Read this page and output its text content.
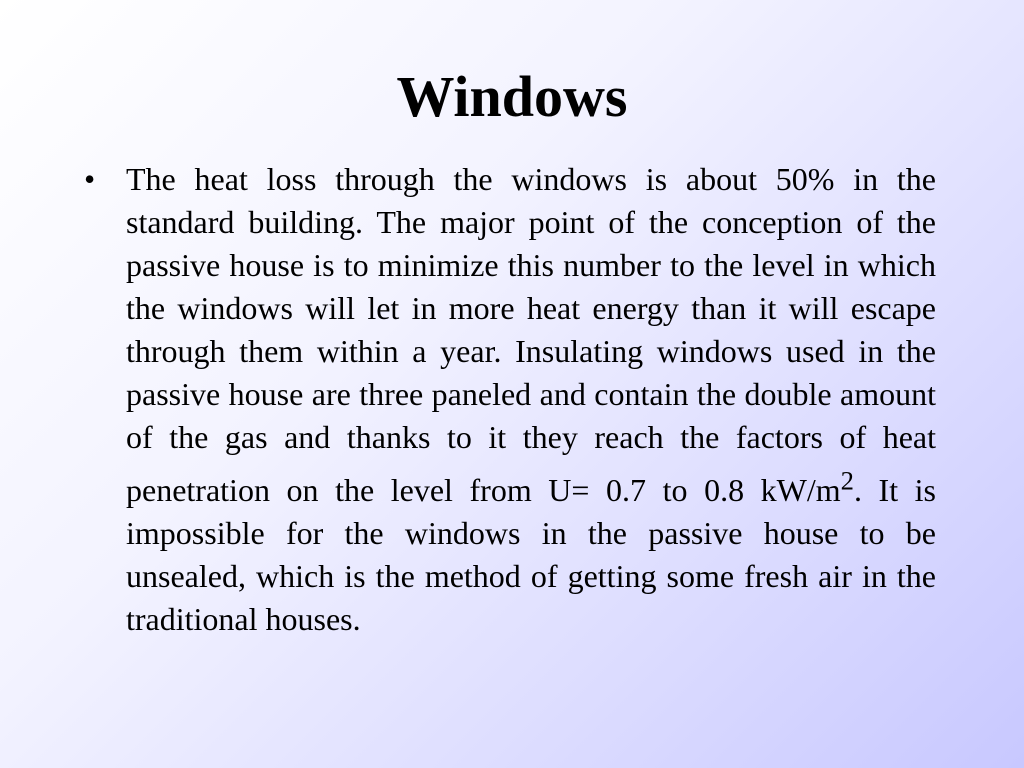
Windows
• The heat loss through the windows is about 50% in the standard building. The major point of the conception of the passive house is to minimize this number to the level in which the windows will let in more heat energy than it will escape through them within a year. Insulating windows used in the passive house are three paneled and contain the double amount of the gas and thanks to it they reach the factors of heat penetration on the level from U= 0.7 to 0.8 $kW/m^2$. It is impossible for the windows in the passive house to be unsealed, which is the method of getting some fresh air in the traditional houses.
